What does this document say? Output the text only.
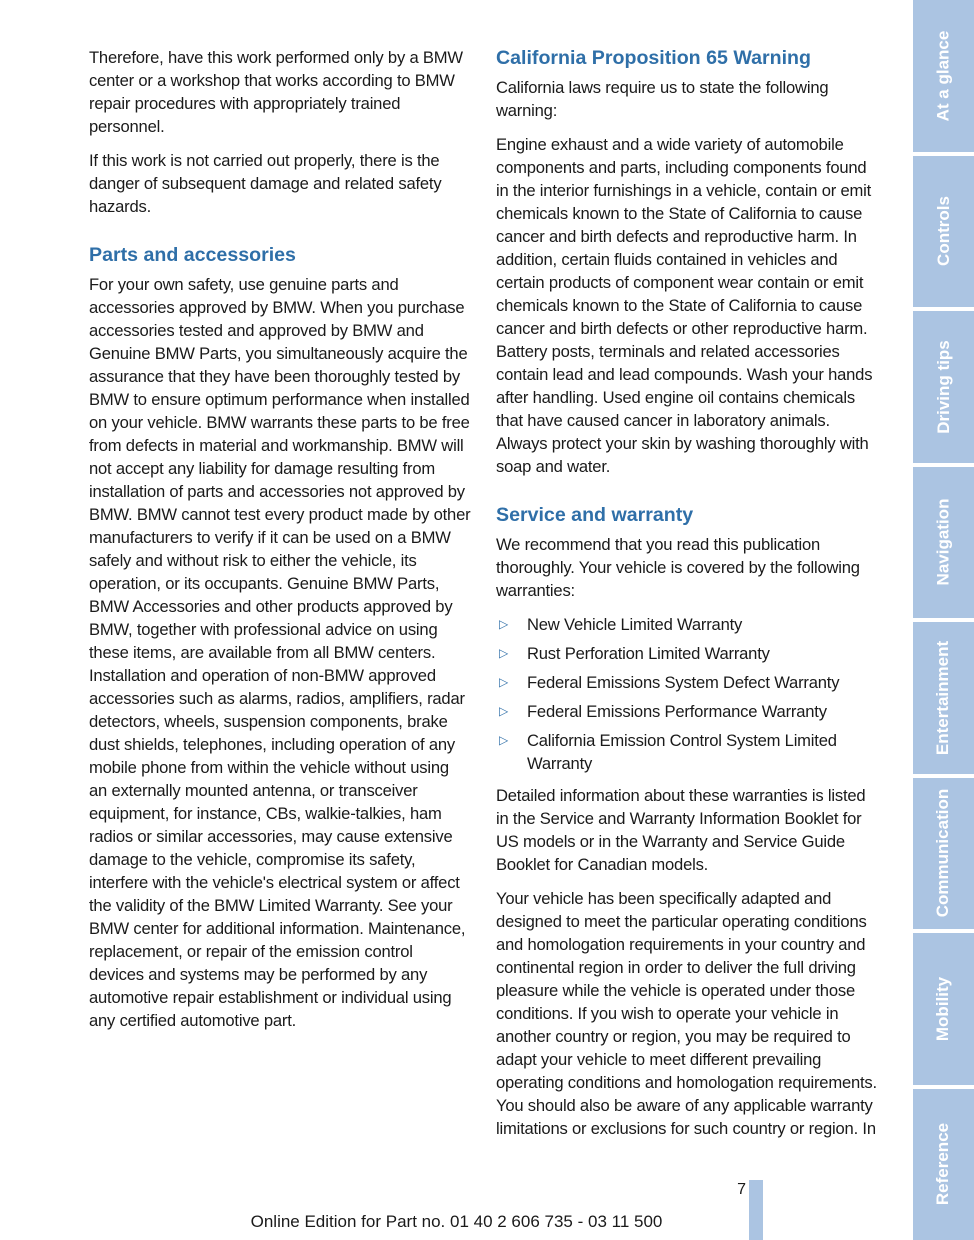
Therefore, have this work performed only by a BMW center or a workshop that works according to BMW repair procedures with appropriately trained personnel.

If this work is not carried out properly, there is the danger of subsequent damage and related safety hazards.

Parts and accessories

For your own safety, use genuine parts and accessories approved by BMW. When you purchase accessories tested and approved by BMW and Genuine BMW Parts, you simultaneously acquire the assurance that they have been thoroughly tested by BMW to ensure optimum performance when installed on your vehicle. BMW warrants these parts to be free from defects in material and workmanship. BMW will not accept any liability for damage resulting from installation of parts and accessories not approved by BMW. BMW cannot test every product made by other manufacturers to verify if it can be used on a BMW safely and without risk to either the vehicle, its operation, or its occupants. Genuine BMW Parts, BMW Accessories and other products approved by BMW, together with professional advice on using these items, are available from all BMW centers. Installation and operation of non-BMW approved accessories such as alarms, radios, amplifiers, radar detectors, wheels, suspension components, brake dust shields, telephones, including operation of any mobile phone from within the vehicle without using an externally mounted antenna, or transceiver equipment, for instance, CBs, walkie-talkies, ham radios or similar accessories, may cause extensive damage to the vehicle, compromise its safety, interfere with the vehicle's electrical system or affect the validity of the BMW Limited Warranty. See your BMW center for additional information. Maintenance, replacement, or repair of the emission control devices and systems may be performed by any automotive repair establishment or individual using any certified automotive part.

California Proposition 65 Warning

California laws require us to state the following warning:

Engine exhaust and a wide variety of automobile components and parts, including components found in the interior furnishings in a vehicle, contain or emit chemicals known to the State of California to cause cancer and birth defects and reproductive harm. In addition, certain fluids contained in vehicles and certain products of component wear contain or emit chemicals known to the State of California to cause cancer and birth defects or other reproductive harm. Battery posts, terminals and related accessories contain lead and lead compounds. Wash your hands after handling. Used engine oil contains chemicals that have caused cancer in laboratory animals. Always protect your skin by washing thoroughly with soap and water.

Service and warranty

We recommend that you read this publication thoroughly. Your vehicle is covered by the following warranties:

▷ New Vehicle Limited Warranty
▷ Rust Perforation Limited Warranty
▷ Federal Emissions System Defect Warranty
▷ Federal Emissions Performance Warranty
▷ California Emission Control System Limited Warranty

Detailed information about these warranties is listed in the Service and Warranty Information Booklet for US models or in the Warranty and Service Guide Booklet for Canadian models.

Your vehicle has been specifically adapted and designed to meet the particular operating conditions and homologation requirements in your country and continental region in order to deliver the full driving pleasure while the vehicle is operated under those conditions. If you wish to operate your vehicle in another country or region, you may be required to adapt your vehicle to meet different prevailing operating conditions and homologation requirements. You should also be aware of any applicable warranty limitations or exclusions for such country or region. In

At a glance
Controls
Driving tips
Navigation
Entertainment
Communication
Mobility
Reference
7
Online Edition for Part no. 01 40 2 606 735 - 03 11 500
